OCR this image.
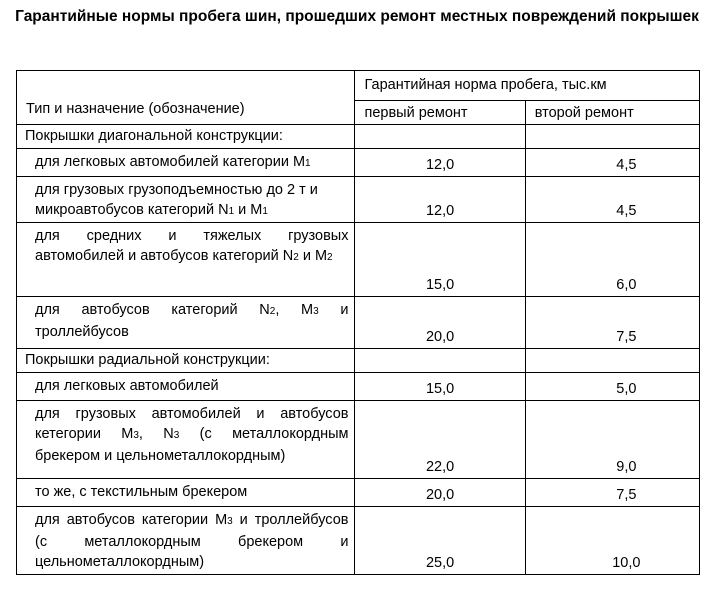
Гарантийные нормы пробега шин, прошедших ремонт местных повреждений покрышек
Тип и назначение (обозначение)	Гарантийная норма пробега, тыс.км	
	первый ремонт	второй ремонт
Покрышки диагональной конструкции:		
для легковых автомобилей категории М1	12,0	4,5
для грузовых грузоподъемностью до 2 т и микроавтобусов категорий N1 и М1	12,0	4,5
для средних и тяжелых грузовых автомобилей и автобусов категорий N2 и М2	15,0	6,0
для автобусов категорий N2, М3 и троллейбусов	20,0	7,5
Покрышки радиальной конструкции:		
для легковых автомобилей	15,0	5,0
для грузовых автомобилей и автобусов кетегории М3, N3 (с металлокордным брекером и цельнометаллокордным)	22,0	9,0
то же, с текстильным брекером	20,0	7,5
для автобусов категории М3 и троллейбусов (с металлокордным брекером и цельнометаллокордным)	25,0	10,0
